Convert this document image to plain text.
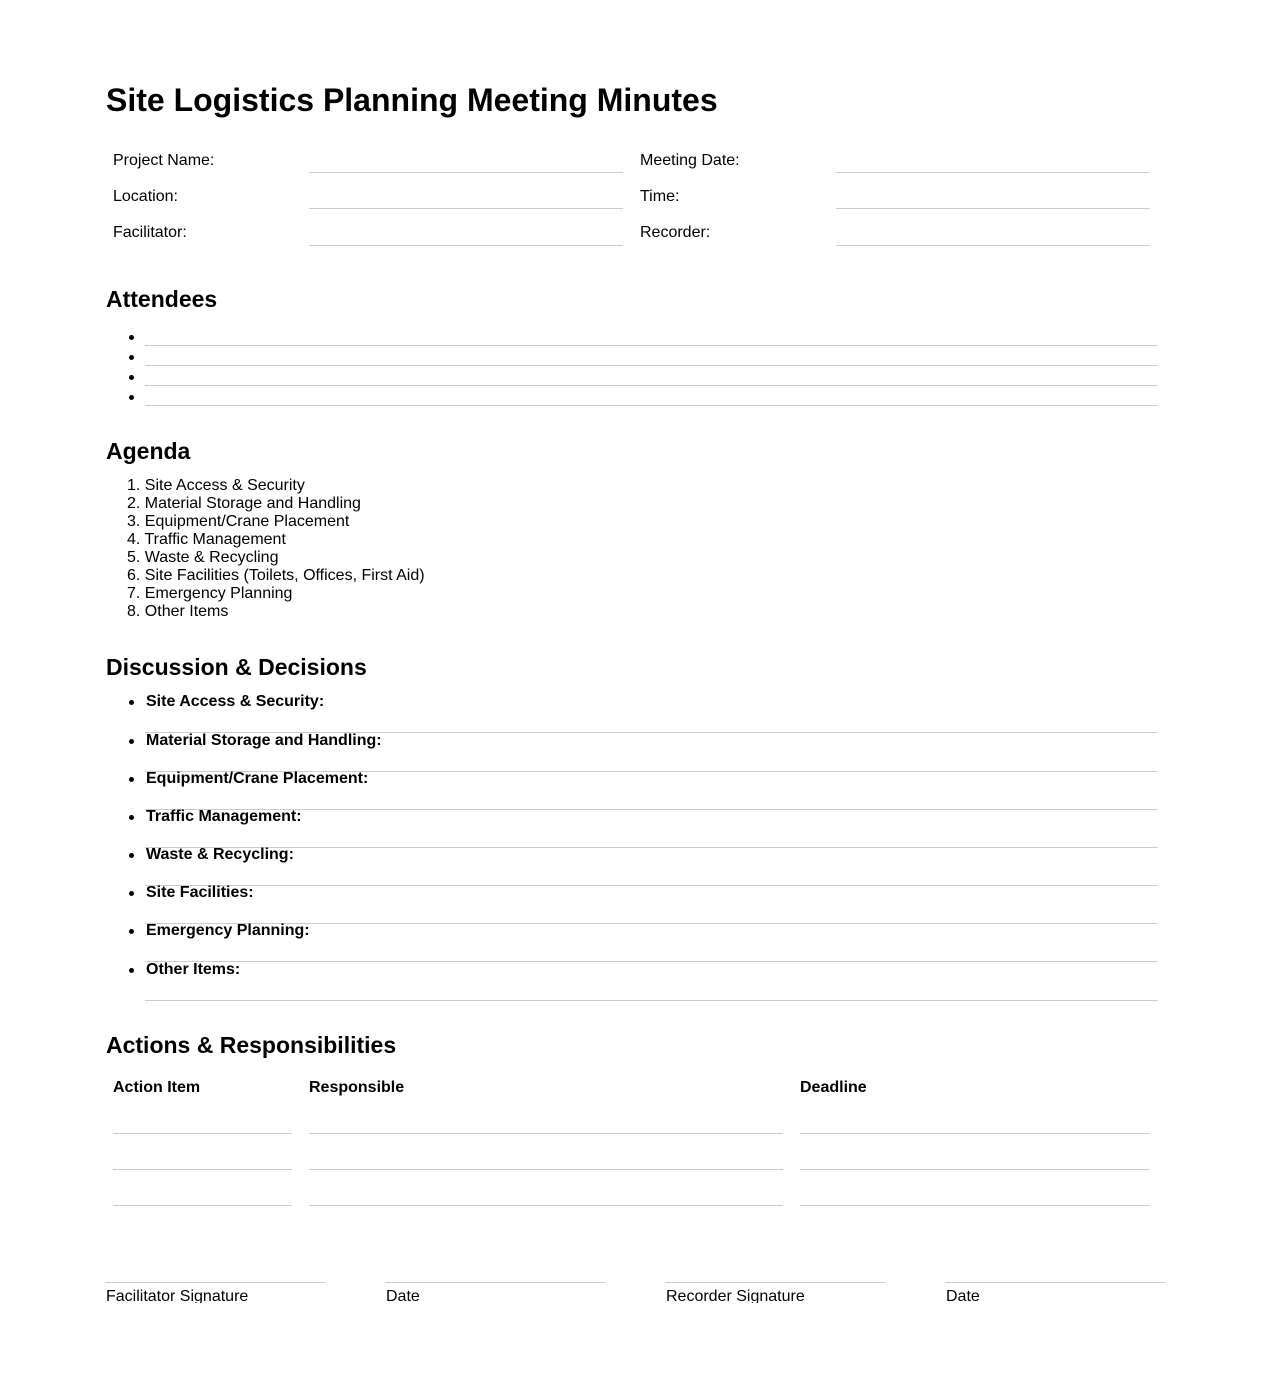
Site Logistics Planning Meeting Minutes
Project Name:
Location:
Facilitator:
Meeting Date:
Time:
Recorder:
Attendees
Agenda
1. Site Access & Security
2. Material Storage and Handling
3. Equipment/Crane Placement
4. Traffic Management
5. Waste & Recycling
6. Site Facilities (Toilets, Offices, First Aid)
7. Emergency Planning
8. Other Items
Discussion & Decisions
Site Access & Security:
Material Storage and Handling:
Equipment/Crane Placement:
Traffic Management:
Waste & Recycling:
Site Facilities:
Emergency Planning:
Other Items:
Actions & Responsibilities
Action Item	Responsible	Deadline
Facilitator Signature	Date	Recorder Signature	Date
